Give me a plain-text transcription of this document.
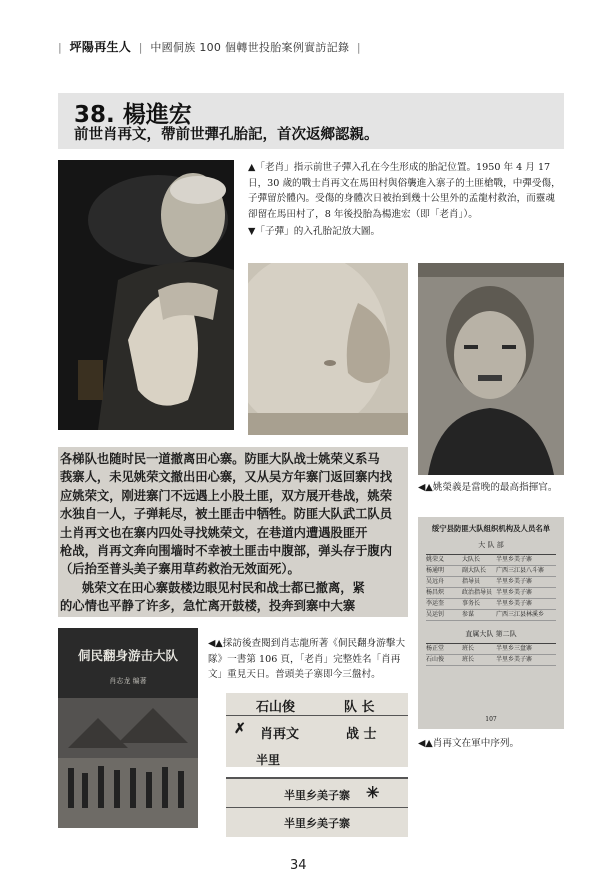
| 坪陽再生人 | 中國侗族 100 個轉世投胎案例實訪記錄 |
38. 楊進宏
前世肖再文，帶前世彈孔胎記，首次返鄉認親。
▲「老肖」指示前世子彈入孔在今生形成的胎記位置。1950 年 4 月 17 日，30 歲的戰士肖再文在馬田村與俗襲進入寨子的土匪槍戰，中彈受傷，子彈留於體內。受傷的身體次日被抬到幾十公里外的孟龍村救治，而靈魂卻留在馬田村了，8 年後投胎為楊進宏（即「老肖」）。
▼「子彈」的入孔胎記放大圖。
◀▲姚榮義是當晚的最高指揮官。
各梯队也随时民一道撤离田心寨。防匪大队战士姚荣义系马
莪寨人，未见姚荣文撤出田心寨，又从吴方年寨门返回寨内找
应姚荣文，刚进寨门不远遇上小股土匪，双方展开巷战，姚荣
水独自一人，子弹耗尽，被土匪击中牺牲。防匪大队武工队员
土肖再文也在寨内四处寻找姚荣文，在巷道内遭遇股匪开
枪战，肖再文奔向围墙时不幸被土匪击中腹部，弹头存于腹内
（后抬至普头美子寨用草药救治无效面死）。
姚荣文在田心寨鼓楼边眼见村民和战士都已撤离，紧
的心情也平静了许多，急忙离开鼓楼，投奔到寨中大寨
绥宁县防匪大队组织机构及人员名单
大 队 部
姚荣义	大队长	半里乡美子寨
杨通明	副大队长	广西三江县八斗寨
吴远舟	指导员	半里乡美子寨
杨昌炽	政治指导员 半里乡美子寨
李运奎	事务长	半里乡美子寨
吴运钊	参谋	广西三江县林溪乡
直属大队 第二队
杨正堂	班长	半里乡三盘寨
石山俊	班长	半里乡美子寨
107
侗民翻身游击大队
肖志龙 编著
◀▲採訪後查閱到肖志龍所著《侗民翻身游擊大隊》一書第 106 頁，「老肖」完整姓名「肖再文」重見天日。普頭美子寨即今三盤村。
石山俊	队 长
✗ 肖再文	战 士
半里
半里乡美子寨 ✳
半里乡美子寨
◀▲肖再文在軍中序列。
34
